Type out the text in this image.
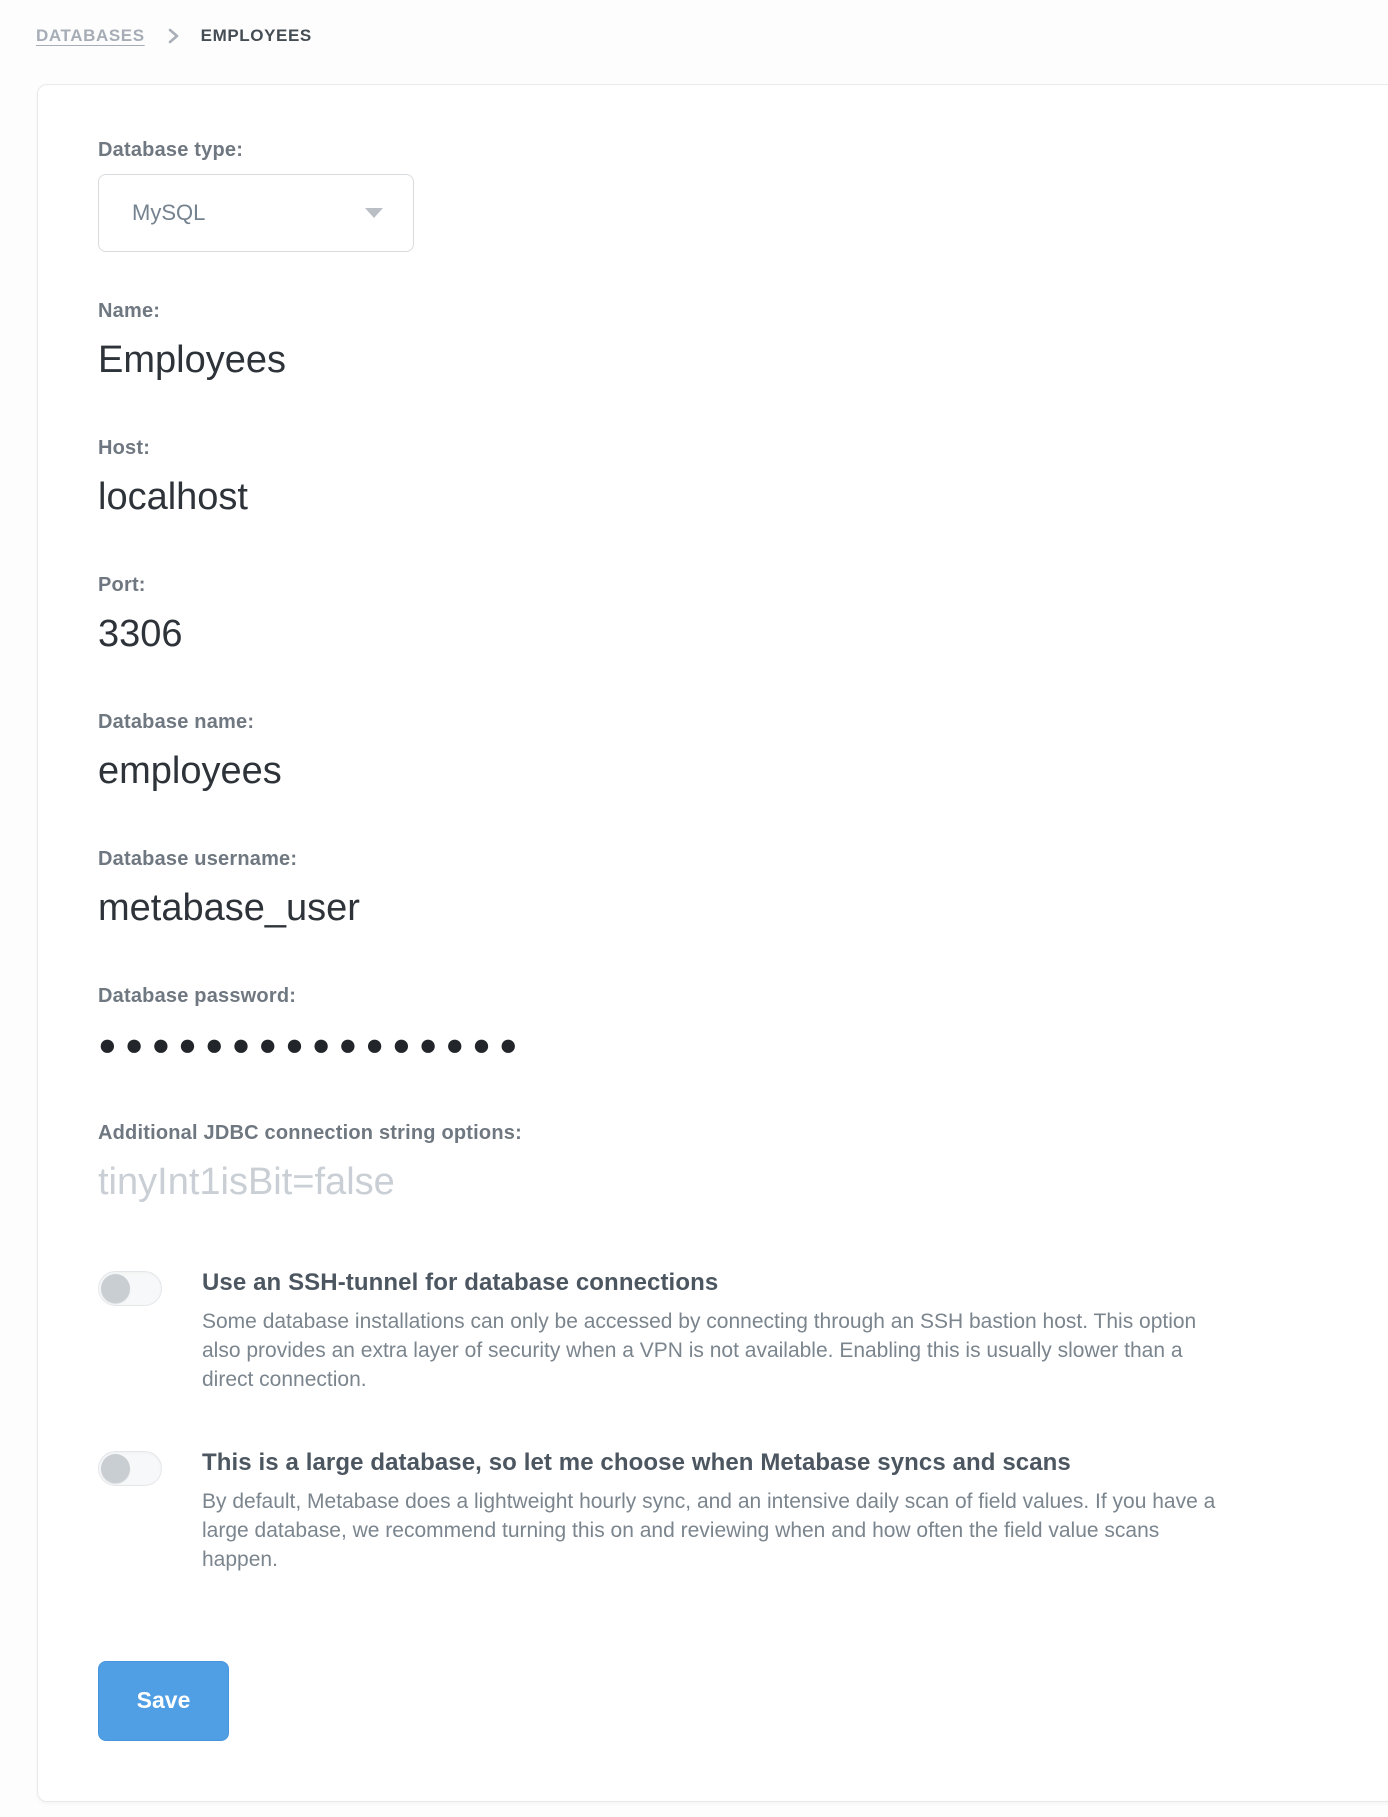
DATABASES	EMPLOYEES
Database type:
MySQL
Name:
Employees
Host:
localhost
Port:
3306
Database name:
employees
Database username:
metabase_user
Database password:
●●●●●●●●●●●●●●●●
Additional JDBC connection string options:
tinyInt1isBit=false
Use an SSH-tunnel for database connections
Some database installations can only be accessed by connecting through an SSH bastion host. This option also provides an extra layer of security when a VPN is not available. Enabling this is usually slower than a direct connection.
This is a large database, so let me choose when Metabase syncs and scans
By default, Metabase does a lightweight hourly sync, and an intensive daily scan of field values. If you have a large database, we recommend turning this on and reviewing when and how often the field value scans happen.
Save
